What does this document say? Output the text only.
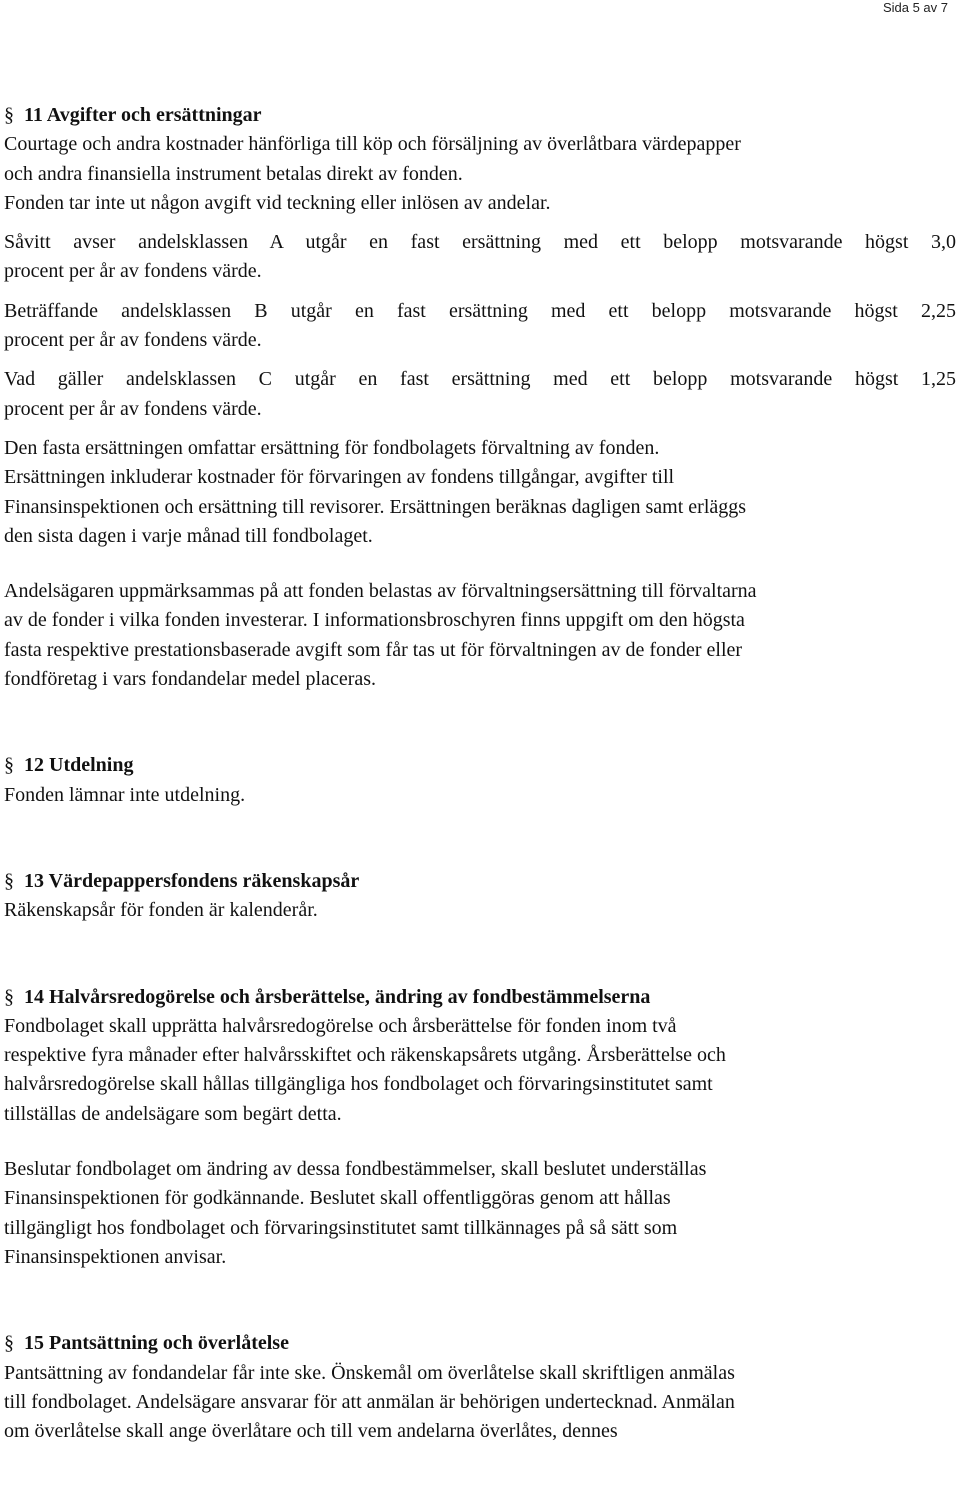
Sida 5 av 7
§ 11 Avgifter och ersättningar
Courtage och andra kostnader hänförliga till köp och försäljning av överlåtbara värdepapper
och andra finansiella instrument betalas direkt av fonden.
Fonden tar inte ut någon avgift vid teckning eller inlösen av andelar.
Såvitt avser andelsklassen A utgår en fast ersättning med ett belopp motsvarande högst 3,0
procent per år av fondens värde.
Beträffande andelsklassen B utgår en fast ersättning med ett belopp motsvarande högst 2,25
procent per år av fondens värde.
Vad gäller andelsklassen C utgår en fast ersättning med ett belopp motsvarande högst 1,25
procent per år av fondens värde.
Den fasta ersättningen omfattar ersättning för fondbolagets förvaltning av fonden.
Ersättningen inkluderar kostnader för förvaringen av fondens tillgångar, avgifter till
Finansinspektionen och ersättning till revisorer. Ersättningen beräknas dagligen samt erläggs
den sista dagen i varje månad till fondbolaget.
Andelsägaren uppmärksammas på att fonden belastas av förvaltningsersättning till förvaltarna
av de fonder i vilka fonden investerar. I informationsbroschyren finns uppgift om den högsta
fasta respektive prestationsbaserade avgift som får tas ut för förvaltningen av de fonder eller
fondföretag i vars fondandelar medel placeras.
§ 12 Utdelning
Fonden lämnar inte utdelning.
§ 13 Värdepappersfondens räkenskapsår
Räkenskapsår för fonden är kalenderår.
§ 14 Halvårsredogörelse och årsberättelse, ändring av fondbestämmelserna
Fondbolaget skall upprätta halvårsredogörelse och årsberättelse för fonden inom två
respektive fyra månader efter halvårsskiftet och räkenskapsårets utgång. Årsberättelse och
halvårsredogörelse skall hållas tillgängliga hos fondbolaget och förvaringsinstitutet samt
tillställas de andelsägare som begärt detta.
Beslutar fondbolaget om ändring av dessa fondbestämmelser, skall beslutet underställas
Finansinspektionen för godkännande. Beslutet skall offentliggöras genom att hållas
tillgängligt hos fondbolaget och förvaringsinstitutet samt tillkännages på så sätt som
Finansinspektionen anvisar.
§ 15 Pantsättning och överlåtelse
Pantsättning av fondandelar får inte ske. Önskemål om överlåtelse skall skriftligen anmälas
till fondbolaget. Andelsägare ansvarar för att anmälan är behörigen undertecknad. Anmälan
om överlåtelse skall ange överlåtare och till vem andelarna överlåtes, dennes
